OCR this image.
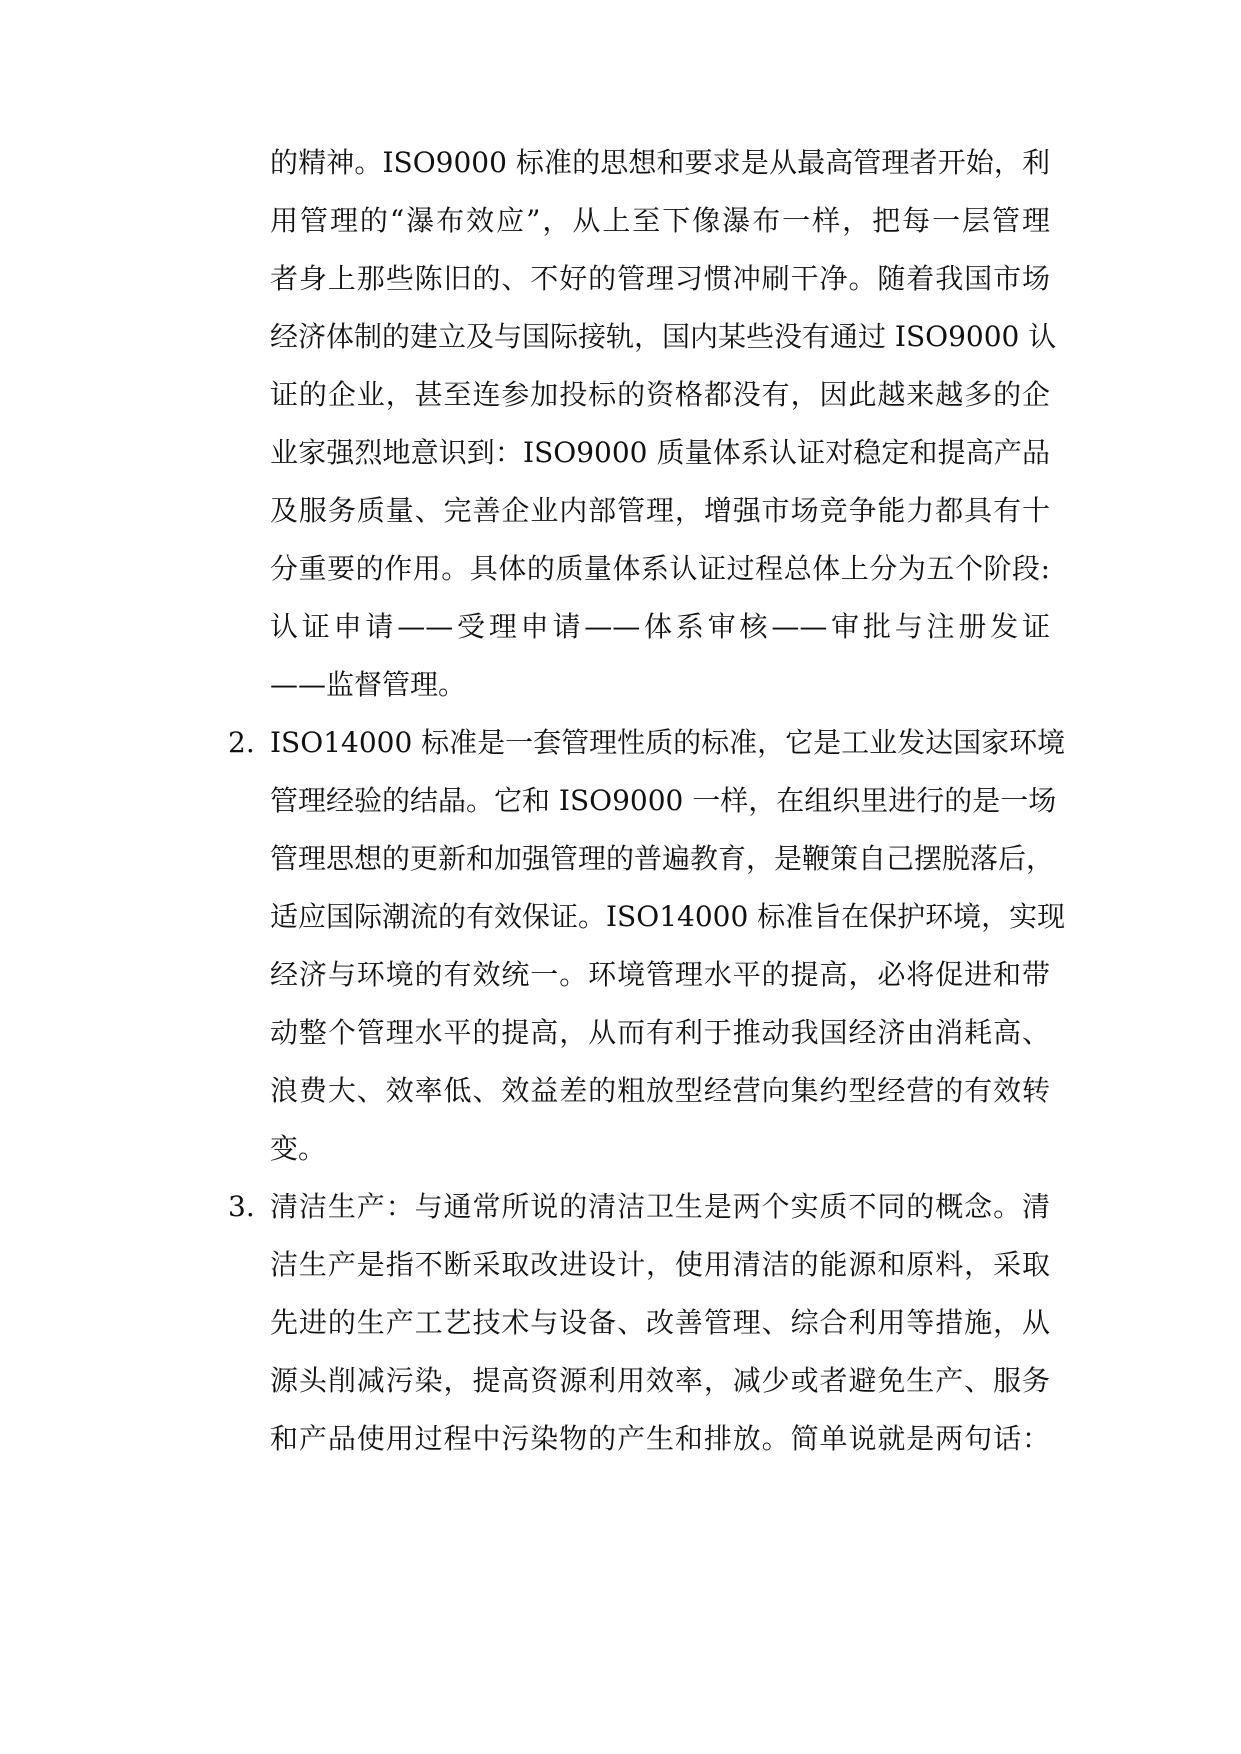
的精神。ISO9000 标准的思想和要求是从最高管理者开始，利
用管理的“瀑布效应”，从上至下像瀑布一样，把每一层管理
者身上那些陈旧的、不好的管理习惯冲刷干净。随着我国市场
经济体制的建立及与国际接轨，国内某些没有通过 ISO9000 认
证的企业，甚至连参加投标的资格都没有，因此越来越多的企
业家强烈地意识到：ISO9000 质量体系认证对稳定和提高产品
及服务质量、完善企业内部管理，增强市场竞争能力都具有十
分重要的作用。具体的质量体系认证过程总体上分为五个阶段:
认证申请——受理申请——体系审核——审批与注册发证
——监督管理。
2. ISO14000 标准是一套管理性质的标准，它是工业发达国家环境
管理经验的结晶。它和 ISO9000 一样，在组织里进行的是一场
管理思想的更新和加强管理的普遍教育，是鞭策自己摆脱落后，
适应国际潮流的有效保证。ISO14000 标准旨在保护环境，实现
经济与环境的有效统一。环境管理水平的提高，必将促进和带
动整个管理水平的提高，从而有利于推动我国经济由消耗高、
浪费大、效率低、效益差的粗放型经营向集约型经营的有效转
变。
3. 清洁生产：与通常所说的清洁卫生是两个实质不同的概念。清
洁生产是指不断采取改进设计，使用清洁的能源和原料，采取
先进的生产工艺技术与设备、改善管理、综合利用等措施，从
源头削减污染，提高资源利用效率，减少或者避免生产、服务
和产品使用过程中污染物的产生和排放。简单说就是两句话：
